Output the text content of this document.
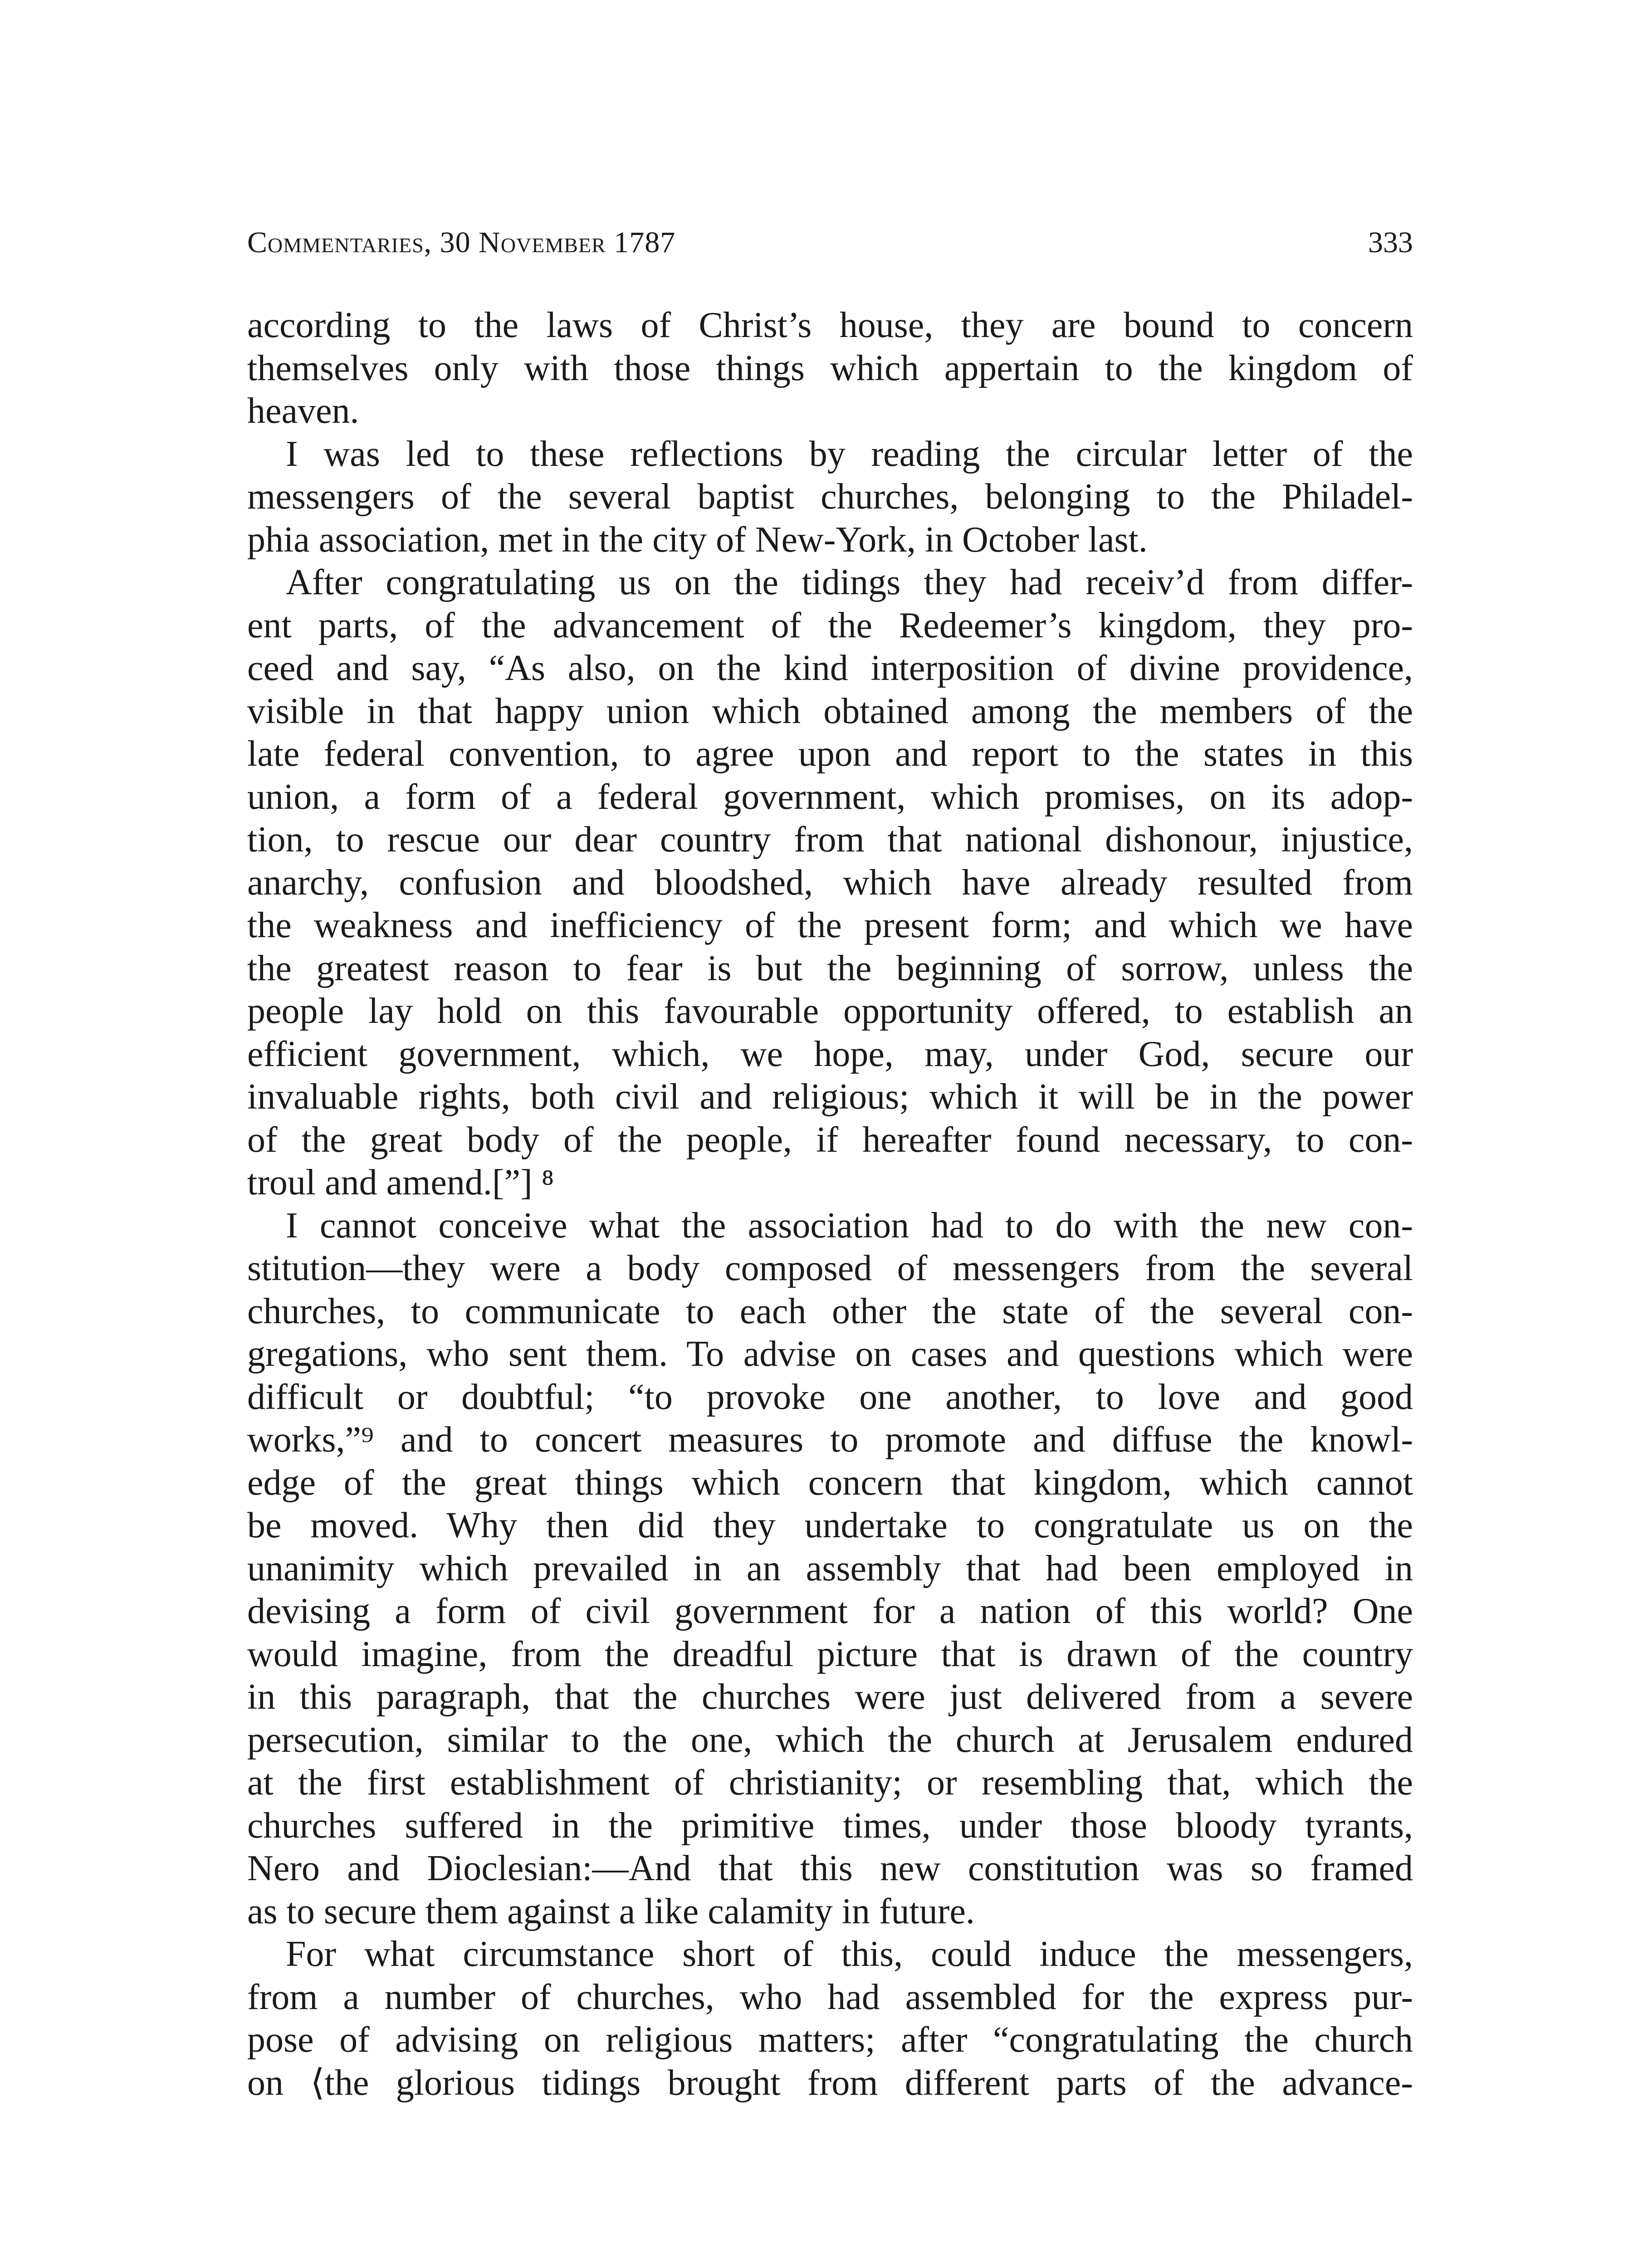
Commentaries, 30 November 1787	333
according to the laws of Christ’s house, they are bound to concern
themselves only with those things which appertain to the kingdom of
heaven.
I was led to these reflections by reading the circular letter of the
messengers of the several baptist churches, belonging to the Philadel-
phia association, met in the city of New-York, in October last.
After congratulating us on the tidings they had receiv’d from differ-
ent parts, of the advancement of the Redeemer’s kingdom, they pro-
ceed and say, “As also, on the kind interposition of divine providence,
visible in that happy union which obtained among the members of the
late federal convention, to agree upon and report to the states in this
union, a form of a federal government, which promises, on its adop-
tion, to rescue our dear country from that national dishonour, injustice,
anarchy, confusion and bloodshed, which have already resulted from
the weakness and inefficiency of the present form; and which we have
the greatest reason to fear is but the beginning of sorrow, unless the
people lay hold on this favourable opportunity offered, to establish an
efficient government, which, we hope, may, under God, secure our
invaluable rights, both civil and religious; which it will be in the power
of the great body of the people, if hereafter found necessary, to con-
troul and amend.[”] ⁸
I cannot conceive what the association had to do with the new con-
stitution—they were a body composed of messengers from the several
churches, to communicate to each other the state of the several con-
gregations, who sent them. To advise on cases and questions which were
difficult or doubtful; “to provoke one another, to love and good
works,”⁹ and to concert measures to promote and diffuse the knowl-
edge of the great things which concern that kingdom, which cannot
be moved. Why then did they undertake to congratulate us on the
unanimity which prevailed in an assembly that had been employed in
devising a form of civil government for a nation of this world? One
would imagine, from the dreadful picture that is drawn of the country
in this paragraph, that the churches were just delivered from a severe
persecution, similar to the one, which the church at Jerusalem endured
at the first establishment of christianity; or resembling that, which the
churches suffered in the primitive times, under those bloody tyrants,
Nero and Dioclesian:—And that this new constitution was so framed
as to secure them against a like calamity in future.
For what circumstance short of this, could induce the messengers,
from a number of churches, who had assembled for the express pur-
pose of advising on religious matters; after “congratulating the church
on ⟨the glorious tidings brought from different parts of the advance-
